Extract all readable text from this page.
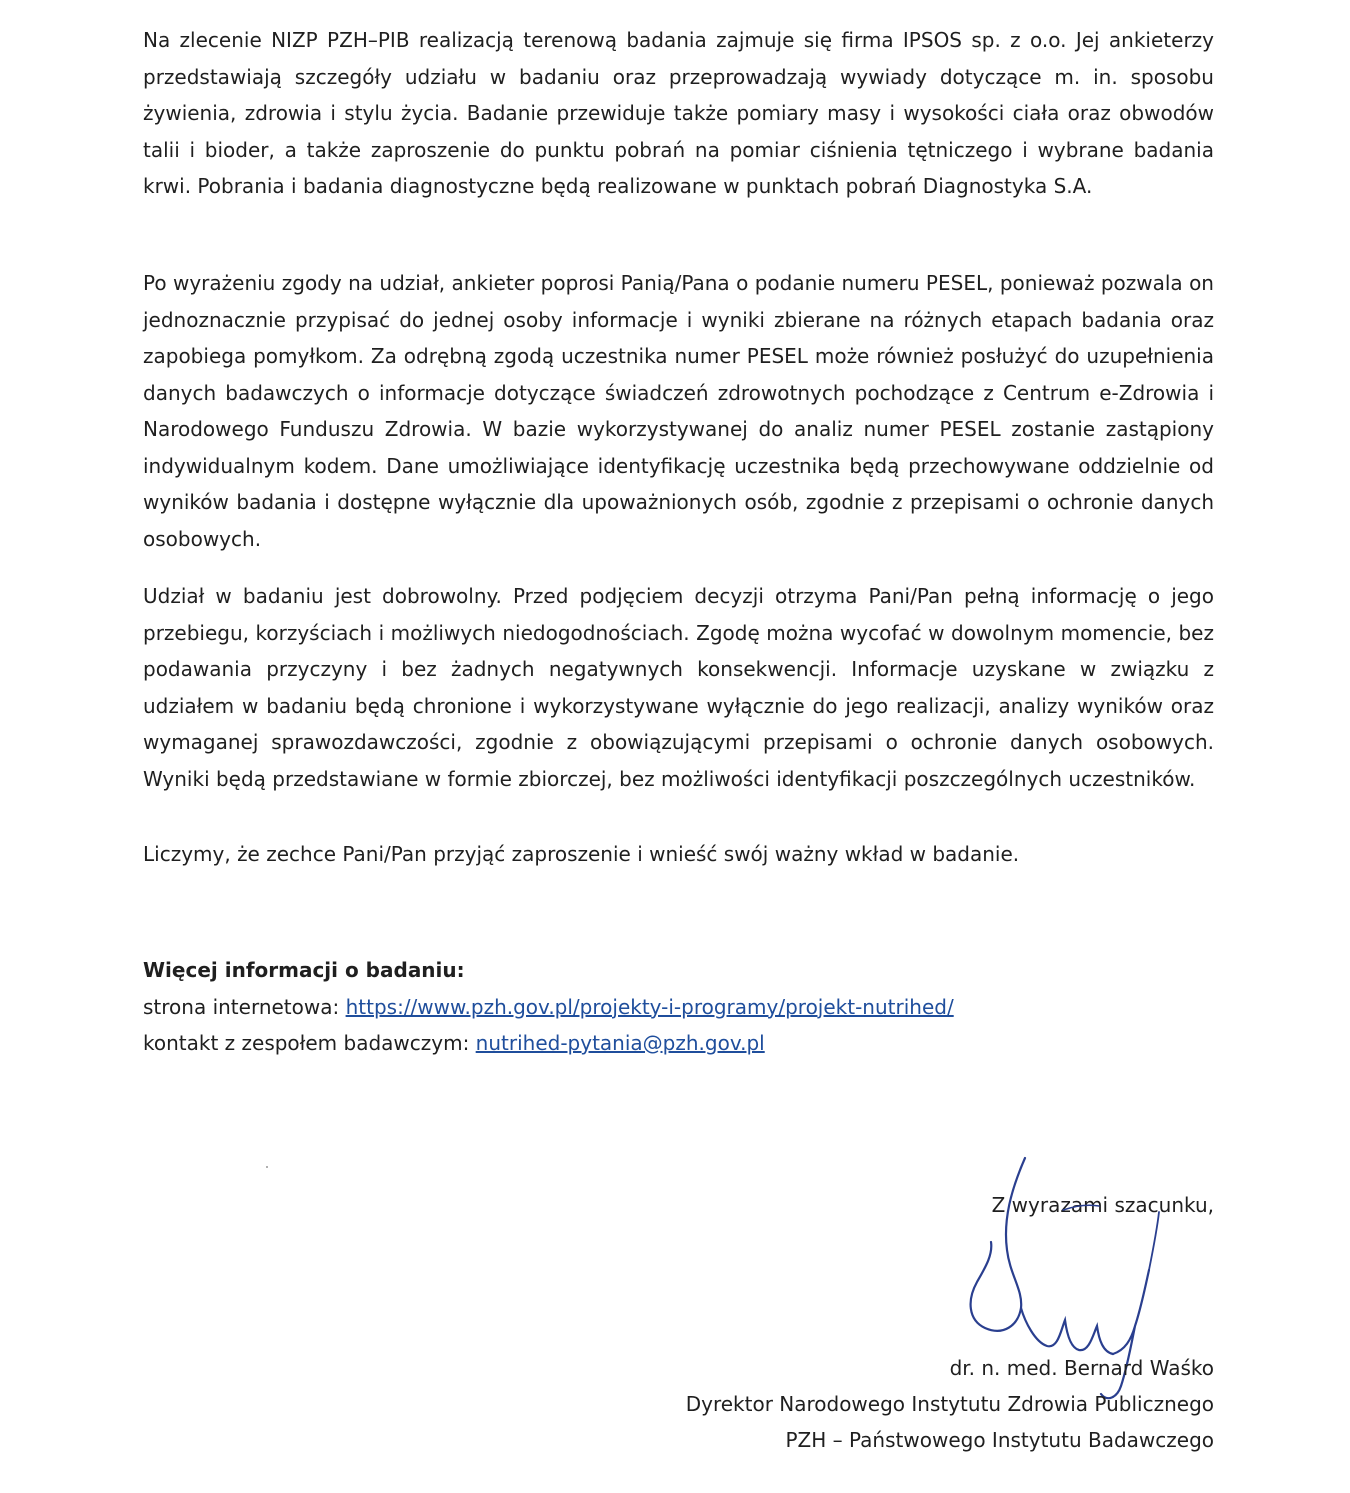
Na zlecenie NIZP PZH–PIB realizacją terenową badania zajmuje się firma IPSOS sp. z o.o. Jej ankieterzy przedstawiają szczegóły udziału w badaniu oraz przeprowadzają wywiady dotyczące m. in. sposobu żywienia, zdrowia i stylu życia. Badanie przewiduje także pomiary masy i wysokości ciała oraz obwodów talii i bioder, a także zaproszenie do punktu pobrań na pomiar ciśnienia tętniczego i wybrane badania krwi. Pobrania i badania diagnostyczne będą realizowane w punktach pobrań Diagnostyka S.A.

Po wyrażeniu zgody na udział, ankieter poprosi Panią/Pana o podanie numeru PESEL, ponieważ pozwala on jednoznacznie przypisać do jednej osoby informacje i wyniki zbierane na różnych etapach badania oraz zapobiega pomyłkom. Za odrębną zgodą uczestnika numer PESEL może również posłużyć do uzupełnienia danych badawczych o informacje dotyczące świadczeń zdrowotnych pochodzące z Centrum e-Zdrowia i Narodowego Funduszu Zdrowia. W bazie wykorzystywanej do analiz numer PESEL zostanie zastąpiony indywidualnym kodem. Dane umożliwiające identyfikację uczestnika będą przechowywane oddzielnie od wyników badania i dostępne wyłącznie dla upoważnionych osób, zgodnie z przepisami o ochronie danych osobowych.

Udział w badaniu jest dobrowolny. Przed podjęciem decyzji otrzyma Pani/Pan pełną informację o jego przebiegu, korzyściach i możliwych niedogodnościach. Zgodę można wycofać w dowolnym momencie, bez podawania przyczyny i bez żadnych negatywnych konsekwencji. Informacje uzyskane w związku z udziałem w badaniu będą chronione i wykorzystywane wyłącznie do jego realizacji, analizy wyników oraz wymaganej sprawozdawczości, zgodnie z obowiązującymi przepisami o ochronie danych osobowych. Wyniki będą przedstawiane w formie zbiorczej, bez możliwości identyfikacji poszczególnych uczestników.

Liczymy, że zechce Pani/Pan przyjąć zaproszenie i wnieść swój ważny wkład w badanie.

Więcej informacji o badaniu:
strona internetowa: https://www.pzh.gov.pl/projekty-i-programy/projekt-nutrihed/
kontakt z zespołem badawczym: nutrihed-pytania@pzh.gov.pl
Z wyrazami szacunku,
dr. n. med. Bernard Waśko
Dyrektor Narodowego Instytutu Zdrowia Publicznego
PZH – Państwowego Instytutu Badawczego
